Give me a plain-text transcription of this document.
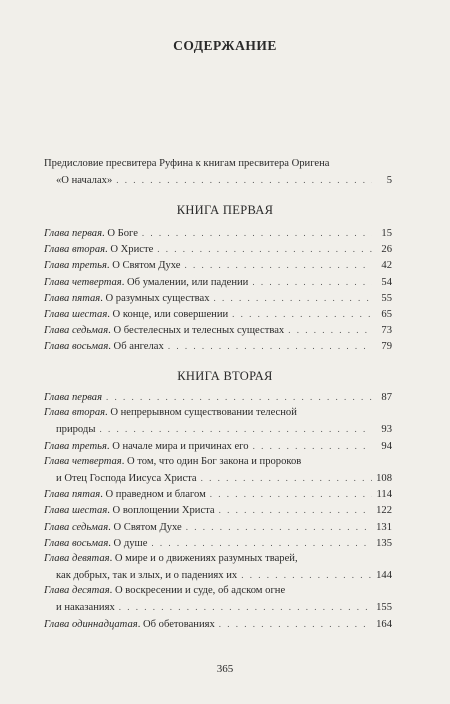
СОДЕРЖАНИЕ
Предисловие пресвитера Руфина к книгам пресвитера Оригена
«О началах» . . .	5
КНИГА ПЕРВАЯ
Глава первая. О Боге . . .	15
Глава вторая. О Христе . . .	26
Глава третья. О Святом Духе . . .	42
Глава четвертая. Об умалении, или падении . . .	54
Глава пятая. О разумных существах . . .	55
Глава шестая. О конце, или совершении . . .	65
Глава седьмая. О бестелесных и телесных существах . . .	73
Глава восьмая. Об ангелах . . .	79
КНИГА ВТОРАЯ
Глава первая . . .	87
Глава вторая. О непрерывном существовании телесной
природы . . .	93
Глава третья. О начале мира и причинах его . . .	94
Глава четвертая. О том, что один Бог закона и пророков
и Отец Господа Иисуса Христа . . .	108
Глава пятая. О праведном и благом . . .	114
Глава шестая. О воплощении Христа . . .	122
Глава седьмая. О Святом Духе . . .	131
Глава восьмая. О душе . . .	135
Глава девятая. О мире и о движениях разумных тварей,
как добрых, так и злых, и о падениях их . . .	144
Глава десятая. О воскресении и суде, об адском огне
и наказаниях . . .	155
Глава одиннадцатая. Об обетованиях . . .	164
365
